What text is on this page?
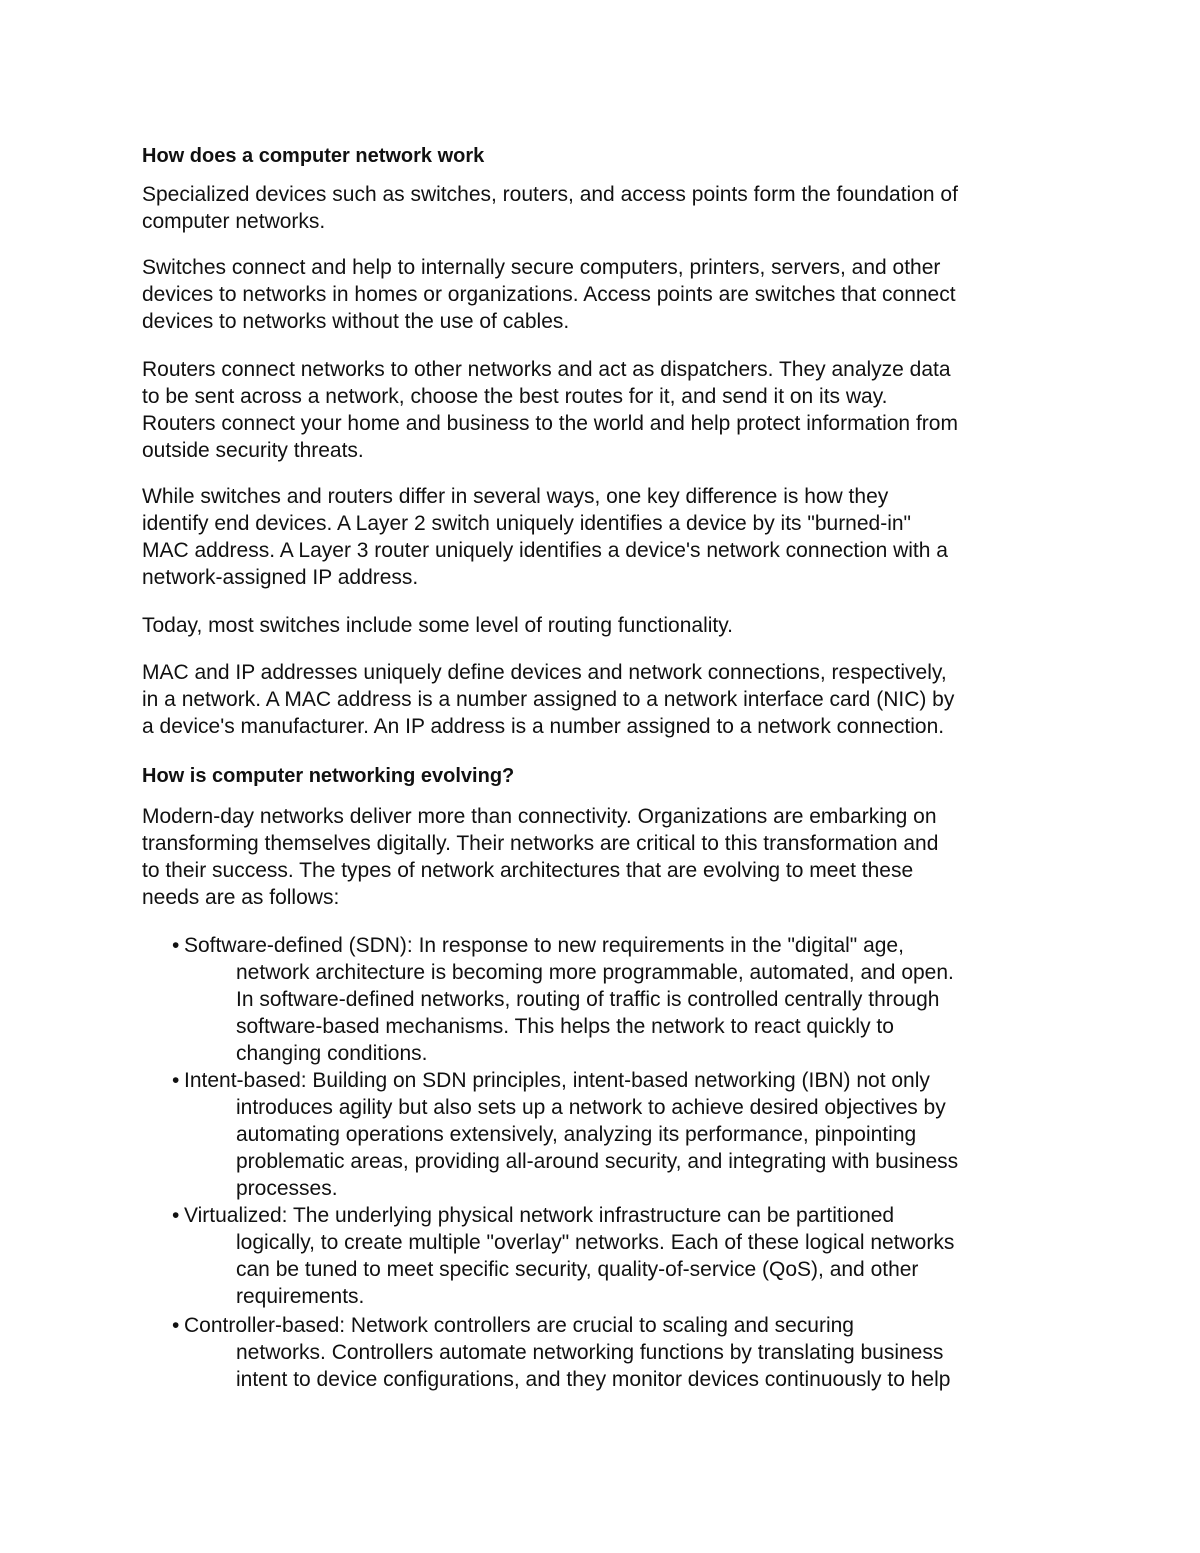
How does a computer network work
Specialized devices such as switches, routers, and access points form the foundation of
computer networks.
Switches connect and help to internally secure computers, printers, servers, and other
devices to networks in homes or organizations. Access points are switches that connect
devices to networks without the use of cables.
Routers connect networks to other networks and act as dispatchers. They analyze data
to be sent across a network, choose the best routes for it, and send it on its way.
Routers connect your home and business to the world and help protect information from
outside security threats.
While switches and routers differ in several ways, one key difference is how they
identify end devices. A Layer 2 switch uniquely identifies a device by its "burned-in"
MAC address. A Layer 3 router uniquely identifies a device's network connection with a
network-assigned IP address.
Today, most switches include some level of routing functionality.
MAC and IP addresses uniquely define devices and network connections, respectively,
in a network. A MAC address is a number assigned to a network interface card (NIC) by
a device's manufacturer. An IP address is a number assigned to a network connection.
How is computer networking evolving?
Modern-day networks deliver more than connectivity. Organizations are embarking on
transforming themselves digitally. Their networks are critical to this transformation and
to their success. The types of network architectures that are evolving to meet these
needs are as follows:
• Software-defined (SDN): In response to new requirements in the "digital" age,
network architecture is becoming more programmable, automated, and open.
In software-defined networks, routing of traffic is controlled centrally through
software-based mechanisms. This helps the network to react quickly to
changing conditions.
• Intent-based: Building on SDN principles, intent-based networking (IBN) not only
introduces agility but also sets up a network to achieve desired objectives by
automating operations extensively, analyzing its performance, pinpointing
problematic areas, providing all-around security, and integrating with business
processes.
• Virtualized: The underlying physical network infrastructure can be partitioned
logically, to create multiple "overlay" networks. Each of these logical networks
can be tuned to meet specific security, quality-of-service (QoS), and other
requirements.
• Controller-based: Network controllers are crucial to scaling and securing
networks. Controllers automate networking functions by translating business
intent to device configurations, and they monitor devices continuously to help
